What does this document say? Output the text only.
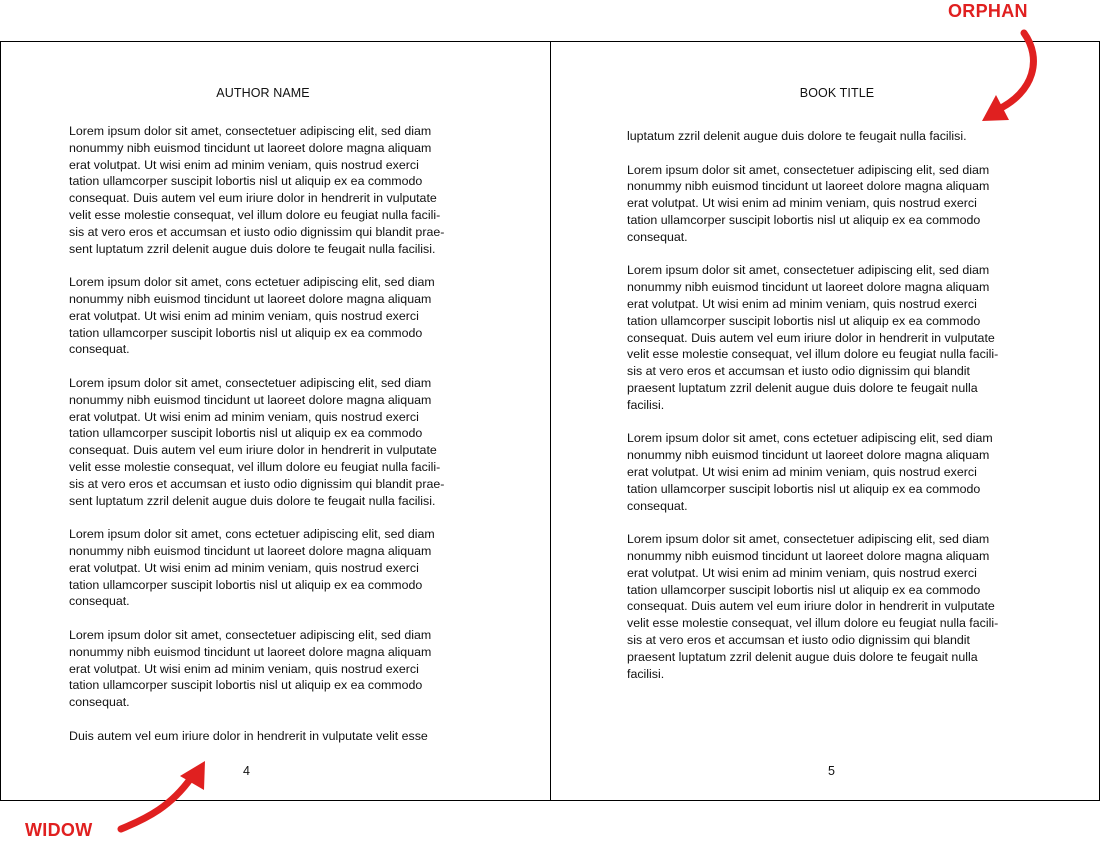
ORPHAN
AUTHOR NAME

Lorem ipsum dolor sit amet, consectetuer adipiscing elit, sed diam
nonummy nibh euismod tincidunt ut laoreet dolore magna aliquam
erat volutpat. Ut wisi enim ad minim veniam, quis nostrud exerci
tation ullamcorper suscipit lobortis nisl ut aliquip ex ea commodo
consequat. Duis autem vel eum iriure dolor in hendrerit in vulputate
velit esse molestie consequat, vel illum dolore eu feugiat nulla facili-
sis at vero eros et accumsan et iusto odio dignissim qui blandit prae-
sent luptatum zzril delenit augue duis dolore te feugait nulla facilisi.

Lorem ipsum dolor sit amet, cons ectetuer adipiscing elit, sed diam
nonummy nibh euismod tincidunt ut laoreet dolore magna aliquam
erat volutpat. Ut wisi enim ad minim veniam, quis nostrud exerci
tation ullamcorper suscipit lobortis nisl ut aliquip ex ea commodo
consequat.

Lorem ipsum dolor sit amet, consectetuer adipiscing elit, sed diam
nonummy nibh euismod tincidunt ut laoreet dolore magna aliquam
erat volutpat. Ut wisi enim ad minim veniam, quis nostrud exerci
tation ullamcorper suscipit lobortis nisl ut aliquip ex ea commodo
consequat. Duis autem vel eum iriure dolor in hendrerit in vulputate
velit esse molestie consequat, vel illum dolore eu feugiat nulla facili-
sis at vero eros et accumsan et iusto odio dignissim qui blandit prae-
sent luptatum zzril delenit augue duis dolore te feugait nulla facilisi.

Lorem ipsum dolor sit amet, cons ectetuer adipiscing elit, sed diam
nonummy nibh euismod tincidunt ut laoreet dolore magna aliquam
erat volutpat. Ut wisi enim ad minim veniam, quis nostrud exerci
tation ullamcorper suscipit lobortis nisl ut aliquip ex ea commodo
consequat.

Lorem ipsum dolor sit amet, consectetuer adipiscing elit, sed diam
nonummy nibh euismod tincidunt ut laoreet dolore magna aliquam
erat volutpat. Ut wisi enim ad minim veniam, quis nostrud exerci
tation ullamcorper suscipit lobortis nisl ut aliquip ex ea commodo
consequat.

Duis autem vel eum iriure dolor in hendrerit in vulputate velit esse

4
BOOK TITLE

luptatum zzril delenit augue duis dolore te feugait nulla facilisi.

Lorem ipsum dolor sit amet, consectetuer adipiscing elit, sed diam
nonummy nibh euismod tincidunt ut laoreet dolore magna aliquam
erat volutpat. Ut wisi enim ad minim veniam, quis nostrud exerci
tation ullamcorper suscipit lobortis nisl ut aliquip ex ea commodo
consequat.

Lorem ipsum dolor sit amet, consectetuer adipiscing elit, sed diam
nonummy nibh euismod tincidunt ut laoreet dolore magna aliquam
erat volutpat. Ut wisi enim ad minim veniam, quis nostrud exerci
tation ullamcorper suscipit lobortis nisl ut aliquip ex ea commodo
consequat. Duis autem vel eum iriure dolor in hendrerit in vulputate
velit esse molestie consequat, vel illum dolore eu feugiat nulla facili-
sis at vero eros et accumsan et iusto odio dignissim qui blandit
praesent luptatum zzril delenit augue duis dolore te feugait nulla
facilisi.

Lorem ipsum dolor sit amet, cons ectetuer adipiscing elit, sed diam
nonummy nibh euismod tincidunt ut laoreet dolore magna aliquam
erat volutpat. Ut wisi enim ad minim veniam, quis nostrud exerci
tation ullamcorper suscipit lobortis nisl ut aliquip ex ea commodo
consequat.

Lorem ipsum dolor sit amet, consectetuer adipiscing elit, sed diam
nonummy nibh euismod tincidunt ut laoreet dolore magna aliquam
erat volutpat. Ut wisi enim ad minim veniam, quis nostrud exerci
tation ullamcorper suscipit lobortis nisl ut aliquip ex ea commodo
consequat. Duis autem vel eum iriure dolor in hendrerit in vulputate
velit esse molestie consequat, vel illum dolore eu feugiat nulla facili-
sis at vero eros et accumsan et iusto odio dignissim qui blandit
praesent luptatum zzril delenit augue duis dolore te feugait nulla
facilisi.

5
WIDOW
